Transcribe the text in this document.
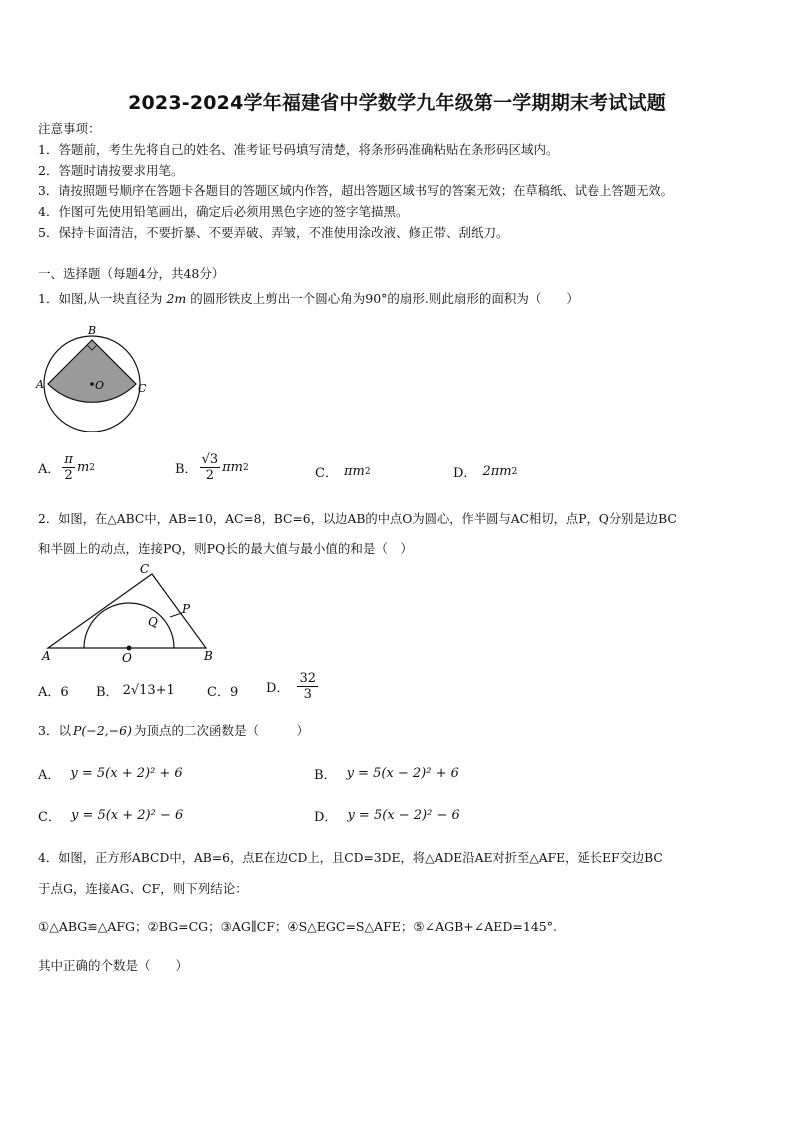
2023-2024学年福建省中学数学九年级第一学期期末考试试题
注意事项：
1．答题前，考生先将自己的姓名、准考证号码填写清楚，将条形码准确粘贴在条形码区域内。
2．答题时请按要求用笔。
3．请按照题号顺序在答题卡各题目的答题区域内作答，超出答题区域书写的答案无效；在草稿纸、试卷上答题无效。
4．作图可先使用铅笔画出，确定后必须用黑色字迹的签字笔描黑。
5．保持卡面清洁，不要折暴、不要弄破、弄皱，不准使用涂改液、修正带、刮纸刀。
一、选择题（每题4分，共48分）
1．如图,从一块直径为 2m 的圆形铁皮上剪出一个圆心角为90°的扇形.则此扇形的面积为（　　）
B
A	C
O
A． $\frac{\pi}{2}$ m 2	B． $\frac{√3}{2}$ πm 2	C． πm 2	D． 2πm 2
2．如图，在△ABC中，AB=10，AC=8，BC=6，以边AB的中点O为圆心，作半圆与AC相切，点P，Q分别是边BC
和半圆上的动点，连接PQ，则PQ长的最大值与最小值的和是（　）
C
P
Q
A	O	B
A．6 B． 2√13+1 C．9 D． $\frac{32}{3}$
3．以 P(−2,−6) 为顶点的二次函数是（　　　）
A． y = 5(x + 2)² + 6	B． y = 5(x − 2)² + 6
C． y = 5(x + 2)² − 6	D． y = 5(x − 2)² − 6
4．如图，正方形ABCD中，AB=6，点E在边CD上，且CD=3DE，将△ADE沿AE对折至△AFE，延长EF交边BC
于点G，连接AG、CF，则下列结论：
①△ABG≌△AFG；②BG=CG；③AG∥CF；④S△EGC=S△AFE；⑤∠AGB+∠AED=145°.
其中正确的个数是（　　）
